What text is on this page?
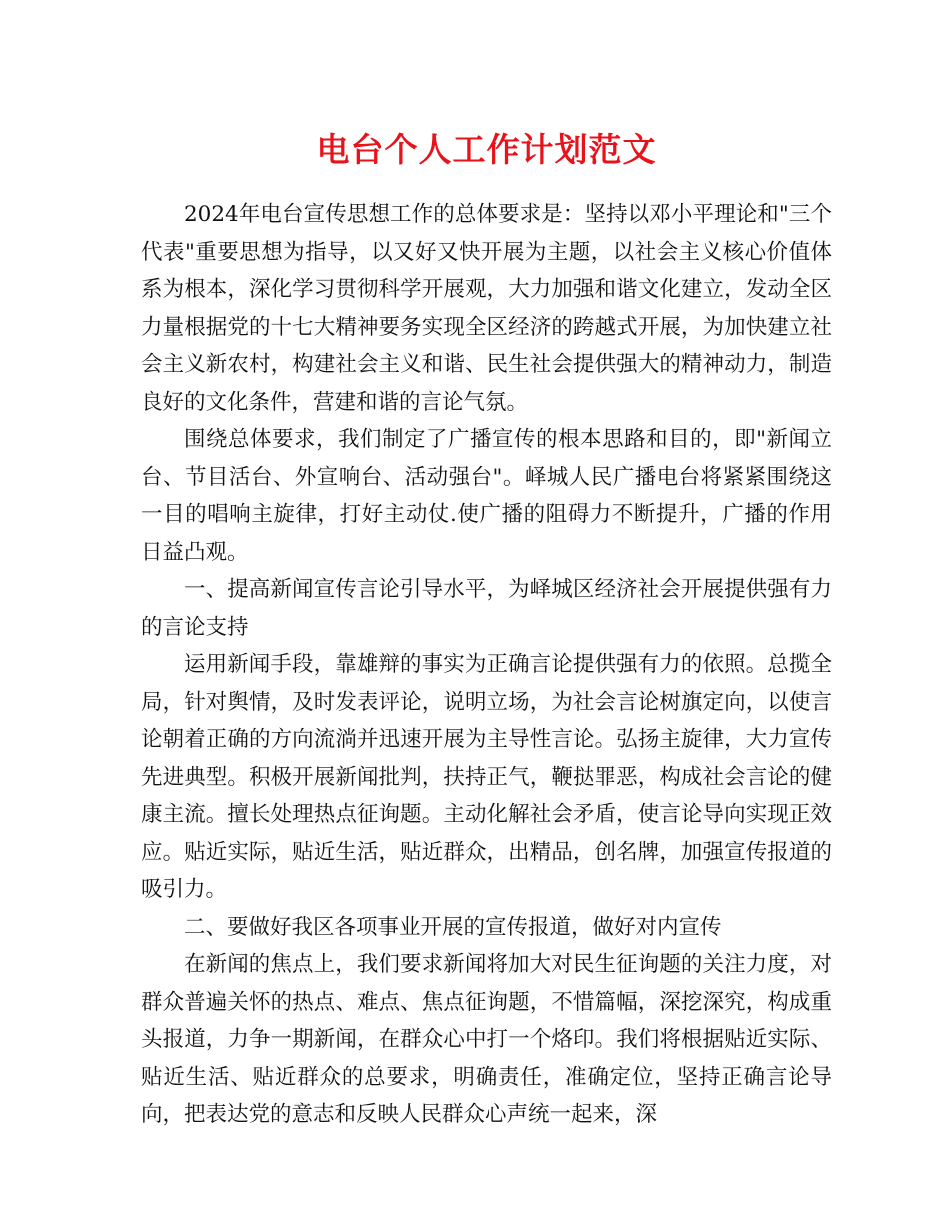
电台个人工作计划范文

2024年电台宣传思想工作的总体要求是：坚持以邓小平理论和"三个代表"重要思想为指导，以又好又快开展为主题，以社会主义核心价值体系为根本，深化学习贯彻科学开展观，大力加强和谐文化建立，发动全区力量根据党的十七大精神要务实现全区经济的跨越式开展，为加快建立社会主义新农村，构建社会主义和谐、民生社会提供强大的精神动力，制造良好的文化条件，营建和谐的言论气氛。

围绕总体要求，我们制定了广播宣传的根本思路和目的，即"新闻立台、节目活台、外宣响台、活动强台"。峄城人民广播电台将紧紧围绕这一目的唱响主旋律，打好主动仗.使广播的阻碍力不断提升，广播的作用日益凸观。

一、提高新闻宣传言论引导水平，为峄城区经济社会开展提供强有力的言论支持

运用新闻手段，靠雄辩的事实为正确言论提供强有力的依照。总揽全局，针对舆情，及时发表评论，说明立场，为社会言论树旗定向，以使言论朝着正确的方向流淌并迅速开展为主导性言论。弘扬主旋律，大力宣传先进典型。积极开展新闻批判，扶持正气，鞭挞罪恶，构成社会言论的健康主流。擅长处理热点征询题。主动化解社会矛盾，使言论导向实现正效应。贴近实际，贴近生活，贴近群众，出精品，创名牌，加强宣传报道的吸引力。

二、要做好我区各项事业开展的宣传报道，做好对内宣传

在新闻的焦点上，我们要求新闻将加大对民生征询题的关注力度，对群众普遍关怀的热点、难点、焦点征询题，不惜篇幅，深挖深究，构成重头报道，力争一期新闻，在群众心中打一个烙印。我们将根据贴近实际、贴近生活、贴近群众的总要求，明确责任，准确定位，坚持正确言论导向，把表达党的意志和反映人民群众心声统一起来，深
